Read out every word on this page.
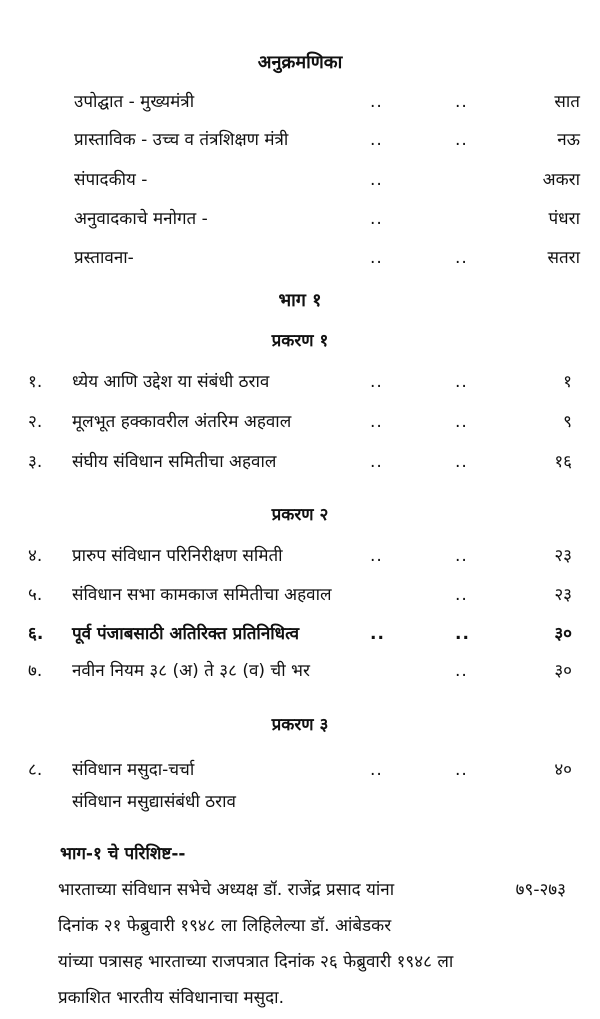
अनुक्रमणिका
उपोद्घात - मुख्यमंत्री	..	..	सात
प्रास्ताविक - उच्च व तंत्रशिक्षण मंत्री	..	..	नऊ
संपादकीय -	..	अकरा
अनुवादकाचे मनोगत -	..	पंधरा
प्रस्तावना-	..	..	सतरा
भाग १
प्रकरण १
१. ध्येय आणि उद्देश या संबंधी ठराव	..	..	१
२. मूलभूत हक्कावरील अंतरिम अहवाल	..	..	९
३. संघीय संविधान समितीचा अहवाल	..	..	१६
प्रकरण २
४. प्रारुप संविधान परिनिरीक्षण समिती	..	..	२३
५. संविधान सभा कामकाज समितीचा अहवाल	..	२३
६. पूर्व पंजाबसाठी अतिरिक्त प्रतिनिधित्व	..	..	३०
७. नवीन नियम ३८ (अ) ते ३८ (व) ची भर	..	३०
प्रकरण ३
८. संविधान मसुदा-चर्चा	..	..	४०
संविधान मसुद्यासंबंधी ठराव
भाग-१ चे परिशिष्ट--
भारताच्या संविधान सभेचे अध्यक्ष डॉ. राजेंद्र प्रसाद यांना	७९-२७३
दिनांक २१ फेब्रुवारी १९४८ ला लिहिलेल्या डॉ. आंबेडकर
यांच्या पत्रासह भारताच्या राजपत्रात दिनांक २६ फेब्रुवारी १९४८ ला
प्रकाशित भारतीय संविधानाचा मसुदा.
